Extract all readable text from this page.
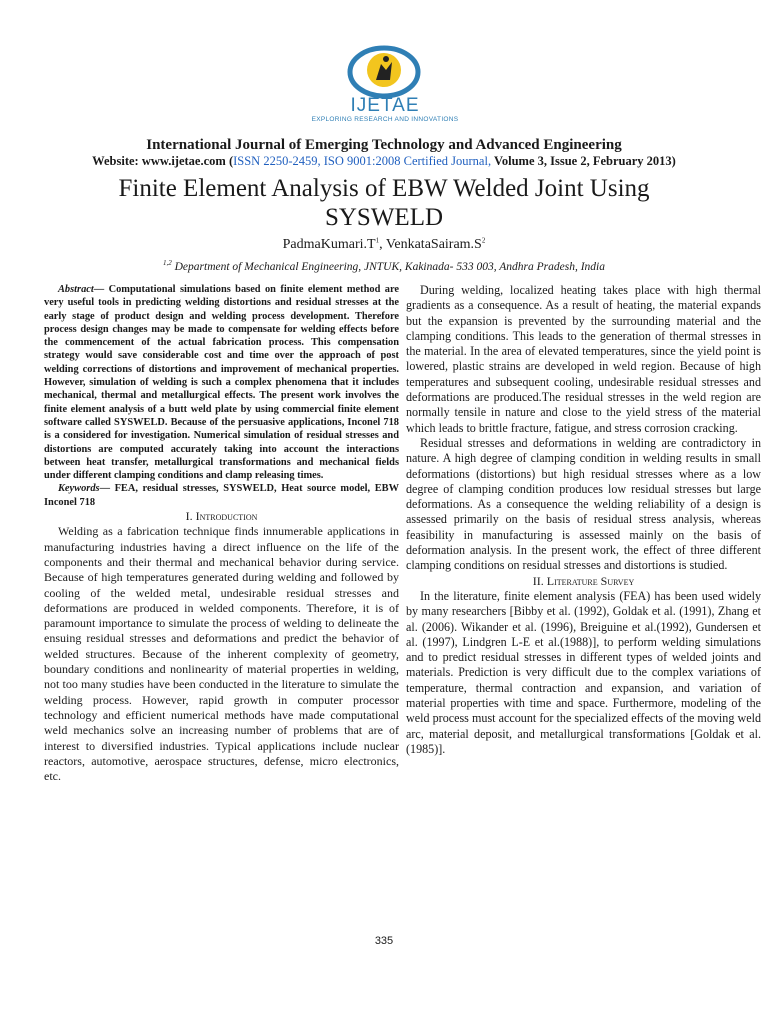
IJETAE
EXPLORING RESEARCH AND INNOVATIONS
International Journal of Emerging Technology and Advanced Engineering
Website: www.ijetae.com (ISSN 2250-2459, ISO 9001:2008 Certified Journal, Volume 3, Issue 2, February 2013)
Finite Element Analysis of EBW Welded Joint Using
SYSWELD
$PadmaKumari.T^1$, $VenkataSairam.S^2$
$^{1,2}$ Department of Mechanical Engineering, JNTUK, Kakinada- 533 003, Andhra Pradesh, India

Abstract— Computational simulations based on finite element method are very useful tools in predicting welding distortions and residual stresses at the early stage of product design and welding process development. Therefore process design changes may be made to compensate for welding effects before the commencement of the actual fabrication process. This compensation strategy would save considerable cost and time over the approach of post welding corrections of distortions and improvement of mechanical properties. However, simulation of welding is such a complex phenomena that it includes mechanical, thermal and metallurgical effects. The present work involves the finite element analysis of a butt weld plate by using commercial finite element software called SYSWELD. Because of the persuasive applications, Inconel 718 is a considered for investigation. Numerical simulation of residual stresses and distortions are computed accurately taking into account the interactions between heat transfer, metallurgical transformations and mechanical fields under different clamping conditions and clamp releasing times.

Keywords— FEA, residual stresses, SYSWELD, Heat source model, EBW Inconel 718

I. Introduction

Welding as a fabrication technique finds innumerable applications in manufacturing industries having a direct influence on the life of the components and their thermal and mechanical behavior during service. Because of high temperatures generated during welding and followed by cooling of the welded metal, undesirable residual stresses and deformations are produced in welded components. Therefore, it is of paramount importance to simulate the process of welding to delineate the ensuing residual stresses and deformations and predict the behavior of welded structures. Because of the inherent complexity of geometry, boundary conditions and nonlinearity of material properties in welding, not too many studies have been conducted in the literature to simulate the welding process. However, rapid growth in computer processor technology and efficient numerical methods have made computational weld mechanics solve an increasing number of problems that are of interest to diversified industries. Typical applications include nuclear reactors, automotive, aerospace structures, defense, micro electronics, etc.

During welding, localized heating takes place with high thermal gradients as a consequence. As a result of heating, the material expands but the expansion is prevented by the surrounding material and the clamping conditions. This leads to the generation of thermal stresses in the material. In the area of elevated temperatures, since the yield point is lowered, plastic strains are developed in weld region. Because of high temperatures and subsequent cooling, undesirable residual stresses and deformations are produced.The residual stresses in the weld region are normally tensile in nature and close to the yield stress of the material which leads to brittle fracture, fatigue, and stress corrosion cracking.

Residual stresses and deformations in welding are contradictory in nature. A high degree of clamping condition in welding results in small deformations (distortions) but high residual stresses where as a low degree of clamping condition produces low residual stresses but large deformations. As a consequence the welding reliability of a design is assessed primarily on the basis of residual stress analysis, whereas feasibility in manufacturing is assessed mainly on the basis of deformation analysis. In the present work, the effect of three different clamping conditions on residual stresses and distortions is studied.

II. Literature Survey

In the literature, finite element analysis (FEA) has been used widely by many researchers [Bibby et al. (1992), Goldak et al. (1991), Zhang et al. (2006). Wikander et al. (1996), Breiguine et al.(1992), Gundersen et al. (1997), Lindgren L-E et al.(1988)], to perform welding simulations and to predict residual stresses in different types of welded joints and materials. Prediction is very difficult due to the complex variations of temperature, thermal contraction and expansion, and variation of material properties with time and space. Furthermore, modeling of the weld process must account for the specialized effects of the moving weld arc, material deposit, and metallurgical transformations [Goldak et al.(1985)].

335
